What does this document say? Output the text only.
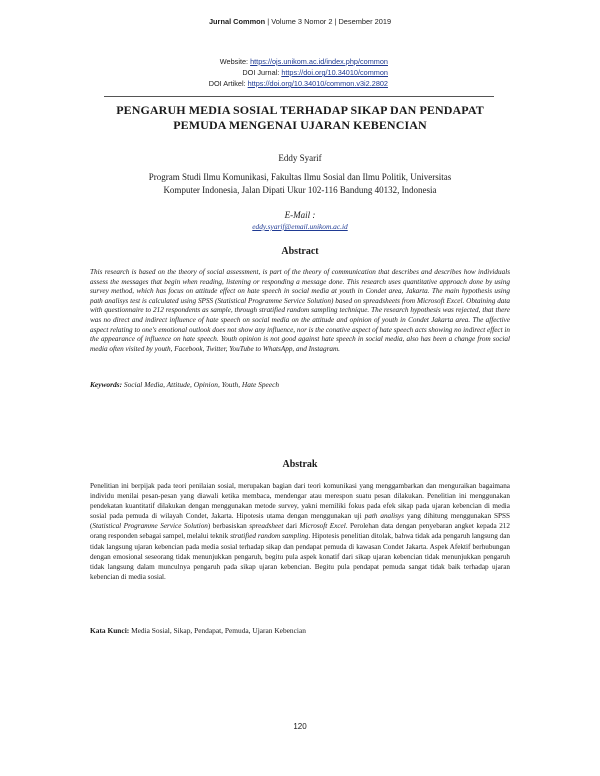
Jurnal Common | Volume 3 Nomor 2 | Desember 2019
Website: https://ojs.unikom.ac.id/index.php/common
DOI Jurnal: https://doi.org/10.34010/common
DOI Artikel: https://doi.org/10.34010/common.v3i2.2802
PENGARUH MEDIA SOSIAL TERHADAP SIKAP DAN PENDAPAT
PEMUDA MENGENAI UJARAN KEBENCIAN
Eddy Syarif
Program Studi Ilmu Komunikasi, Fakultas Ilmu Sosial dan Ilmu Politik, Universitas
Komputer Indonesia, Jalan Dipati Ukur 102-116 Bandung 40132, Indonesia
E-Mail :
eddy.syarif@email.unikom.ac.id
Abstract
This research is based on the theory of social assessment, is part of the theory of communication that describes and describes how individuals assess the messages that begin when reading, listening or responding a message done. This research uses quantitative approach done by using survey method, which has focus on attitude effect on hate speech in social media at youth in Condet area, Jakarta. The main hypothesis using path analisys test is calculated using SPSS (Statistical Programme Service Solution) based on spreadsheets from Microsoft Excel. Obtaining data with questionnaire to 212 respondents as sample, through stratified random sampling technique. The research hypothesis was rejected, that there was no direct and indirect influence of hate speech on social media on the attitude and opinion of youth in Condet Jakarta area. The affective aspect relating to one's emotional outlook does not show any influence, nor is the conative aspect of hate speech acts showing no indirect effect in the appearance of influence on hate speech. Youth opinion is not good against hate speech in social media, also has been a change from social media often visited by youth, Facebook, Twitter, YouTube to WhatsApp, and Instagram.
Keywords: Social Media, Attitude, Opinion, Youth, Hate Speech
Abstrak
Penelitian ini berpijak pada teori penilaian sosial, merupakan bagian dari teori komunikasi yang menggambarkan dan menguraikan bagaimana individu menilai pesan-pesan yang diawali ketika membaca, mendengar atau merespon suatu pesan dilakukan. Penelitian ini menggunakan pendekatan kuantitatif dilakukan dengan menggunakan metode survey, yakni memiliki fokus pada efek sikap pada ujaran kebencian di media sosial pada pemuda di wilayah Condet, Jakarta. Hipotesis utama dengan menggunakan uji path analisys yang dihitung menggunakan SPSS (Statistical Programme Service Solution) berbasiskan spreadsheet dari Microsoft Excel. Perolehan data dengan penyebaran angket kepada 212 orang responden sebagai sampel, melalui teknik stratified random sampling. Hipotesis penelitian ditolak, bahwa tidak ada pengaruh langsung dan tidak langsung ujaran kebencian pada media sosial terhadap sikap dan pendapat pemuda di kawasan Condet Jakarta. Aspek Afektif berhubungan dengan emosional seseorang tidak menunjukkan pengaruh, begitu pula aspek konatif dari sikap ujaran kebencian tidak menunjukkan pengaruh tidak langsung dalam munculnya pengaruh pada sikap ujaran kebencian. Begitu pula pendapat pemuda sangat tidak baik terhadap ujaran kebencian di media sosial.
Kata Kunci: Media Sosial, Sikap, Pendapat, Pemuda, Ujaran Kebencian
120
